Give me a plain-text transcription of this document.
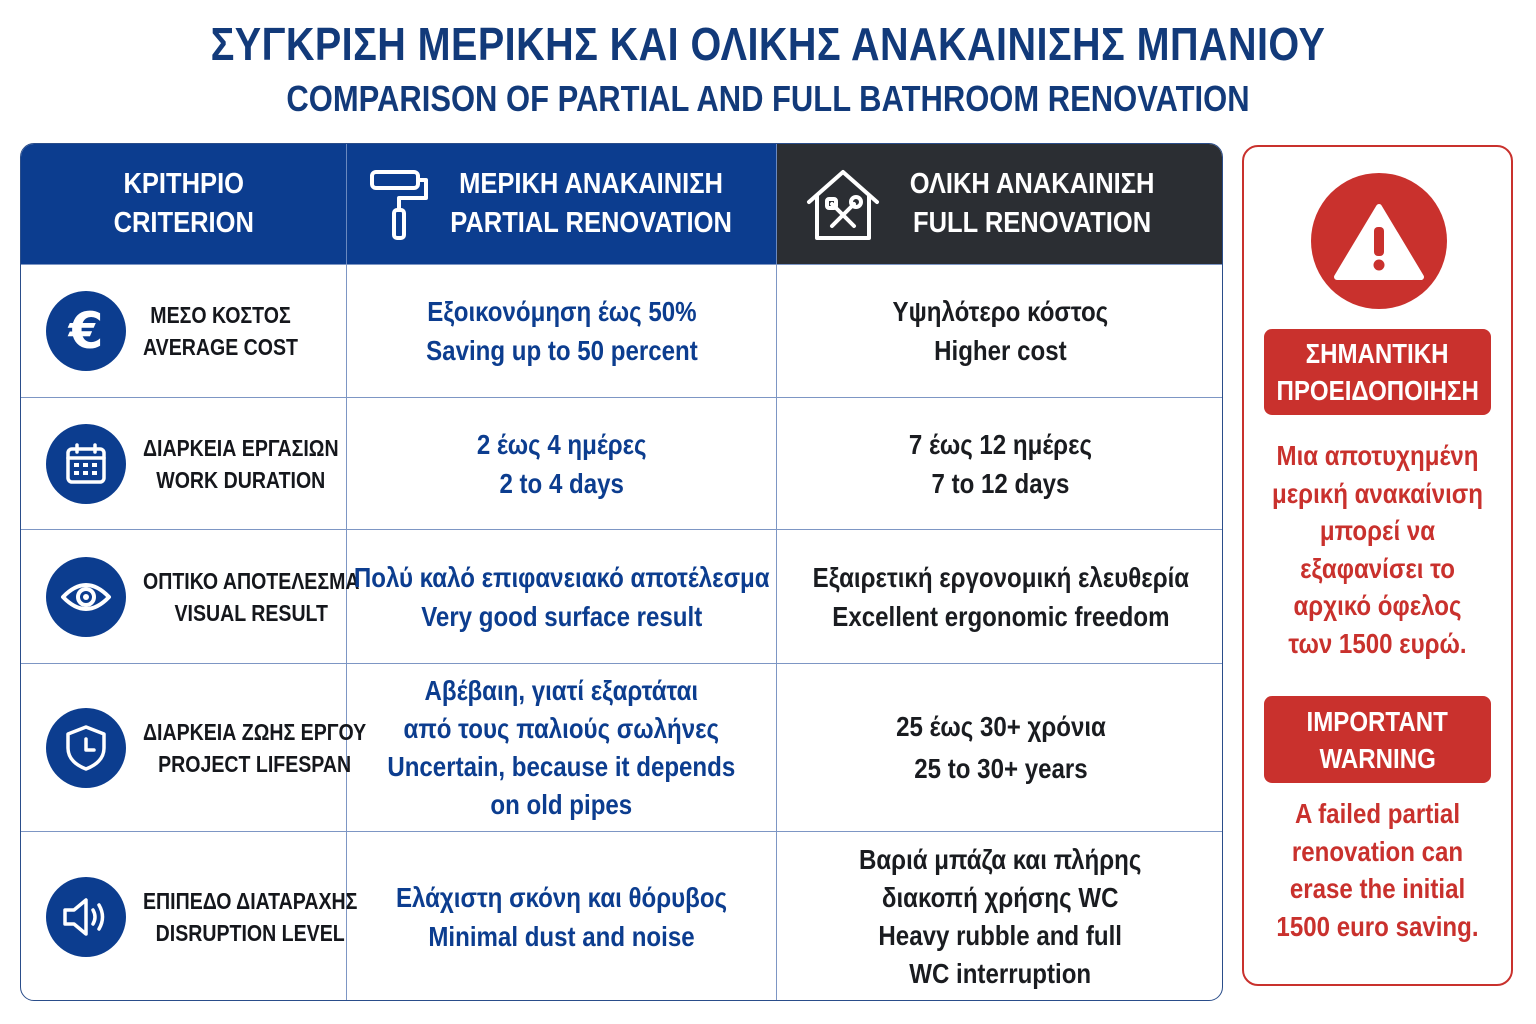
ΣΥΓΚΡΙΣΗ ΜΕΡΙΚΗΣ ΚΑΙ ΟΛΙΚΗΣ ΑΝΑΚΑΙΝΙΣΗΣ ΜΠΑΝΙΟΥ
COMPARISON OF PARTIAL AND FULL BATHROOM RENOVATION
ΚΡΙΤΗΡΙΟ
CRITERION
ΜΕΡΙΚΗ ΑΝΑΚΑΙΝΙΣΗ
PARTIAL RENOVATION
ΟΛΙΚΗ ΑΝΑΚΑΙΝΙΣΗ
FULL RENOVATION
€	ΜΕΣΟ ΚΟΣΤΟΣ
AVERAGE COST
Εξοικονόμηση έως 50%
Saving up to 50 percent
Υψηλότερο κόστος
Higher cost
ΔΙΑΡΚΕΙΑ ΕΡΓΑΣΙΩΝ
WORK DURATION
2 έως 4 ημέρες
2 to 4 days
7 έως 12 ημέρες
7 to 12 days
ΟΠΤΙΚΟ ΑΠΟΤΕΛΕΣΜΑ
VISUAL RESULT
Πολύ καλό επιφανειακό αποτέλεσμα
Very good surface result
Εξαιρετική εργονομική ελευθερία
Excellent ergonomic freedom
ΔΙΑΡΚΕΙΑ ΖΩΗΣ ΕΡΓΟΥ
PROJECT LIFESPAN
Αβέβαιη, γιατί εξαρτάται
από τους παλιούς σωλήνες
Uncertain, because it depends
on old pipes
25 έως 30+ χρόνια
25 to 30+ years
ΕΠΙΠΕΔΟ ΔΙΑΤΑΡΑΧΗΣ
DISRUPTION LEVEL
Ελάχιστη σκόνη και θόρυβος
Minimal dust and noise
Βαριά μπάζα και πλήρης
διακοπή χρήσης WC
Heavy rubble and full
WC interruption
ΣΗΜΑΝΤΙΚΗ
ΠΡΟΕΙΔΟΠΟΙΗΣΗ
Μια αποτυχημένη
μερική ανακαίνιση
μπορεί να
εξαφανίσει το
αρχικό όφελος
των 1500 ευρώ.
IMPORTANT
WARNING
A failed partial
renovation can
erase the initial
1500 euro saving.
